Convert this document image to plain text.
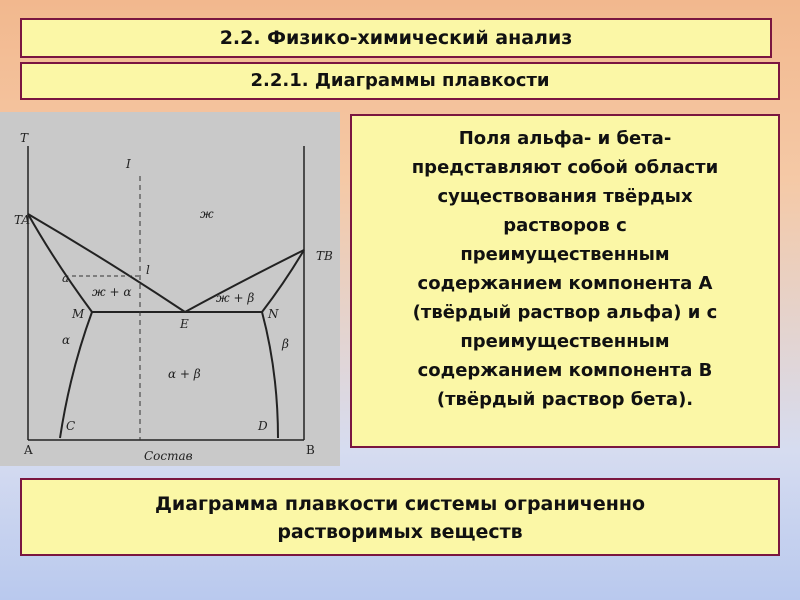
2.2. Физико-химический анализ
2.2.1. Диаграммы плавкости
T
TA
TB
I
a
l
M
E
N
C	D
ж
ж + α	ж + β
α	β
α + β
A	B
Состав
Поля альфа- и бета-
представляют собой области
существования твёрдых
растворов с
преимущественным
содержанием компонента А
(твёрдый раствор альфа) и с
преимущественным
содержанием компонента В
(твёрдый раствор бета).
Диаграмма плавкости системы ограниченно
растворимых веществ
